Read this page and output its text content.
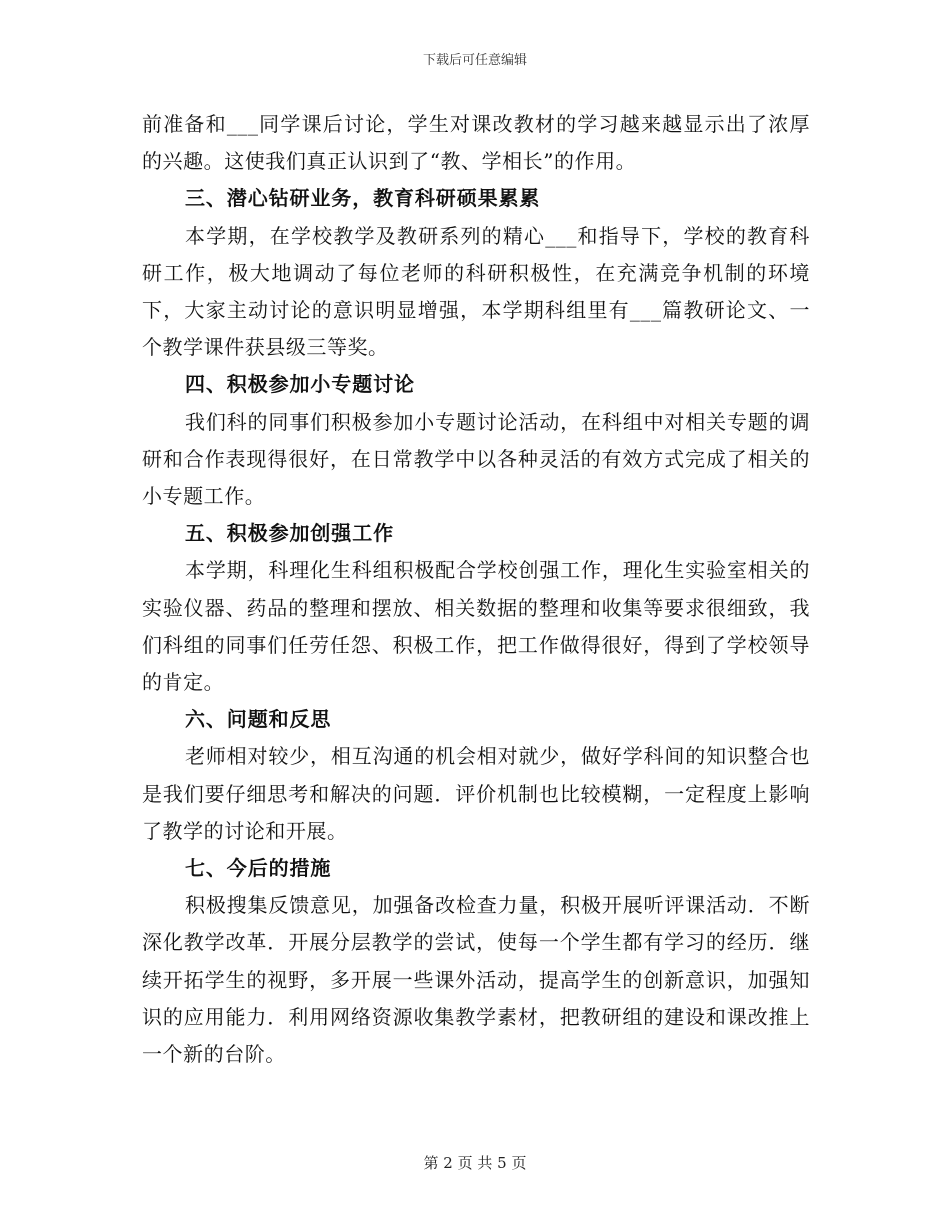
下载后可任意编辑

前准备和___同学课后讨论，学生对课改教材的学习越来越显示出了浓厚的兴趣。这使我们真正认识到了“教、学相长”的作用。

三、潜心钻研业务，教育科研硕果累累

本学期，在学校教学及教研系列的精心___和指导下，学校的教育科研工作，极大地调动了每位老师的科研积极性，在充满竞争机制的环境下，大家主动讨论的意识明显增强，本学期科组里有___篇教研论文、一个教学课件获县级三等奖。

四、积极参加小专题讨论

我们科的同事们积极参加小专题讨论活动，在科组中对相关专题的调研和合作表现得很好，在日常教学中以各种灵活的有效方式完成了相关的小专题工作。

五、积极参加创强工作

本学期，科理化生科组积极配合学校创强工作，理化生实验室相关的实验仪器、药品的整理和摆放、相关数据的整理和收集等要求很细致，我们科组的同事们任劳任怨、积极工作，把工作做得很好，得到了学校领导的肯定。

六、问题和反思

老师相对较少，相互沟通的机会相对就少，做好学科间的知识整合也是我们要仔细思考和解决的问题．评价机制也比较模糊，一定程度上影响了教学的讨论和开展。

七、今后的措施

积极搜集反馈意见，加强备改检查力量，积极开展听评课活动．不断深化教学改革．开展分层教学的尝试，使每一个学生都有学习的经历．继续开拓学生的视野，多开展一些课外活动，提高学生的创新意识，加强知识的应用能力．利用网络资源收集教学素材，把教研组的建设和课改推上一个新的台阶。

第 2 页 共 5 页
